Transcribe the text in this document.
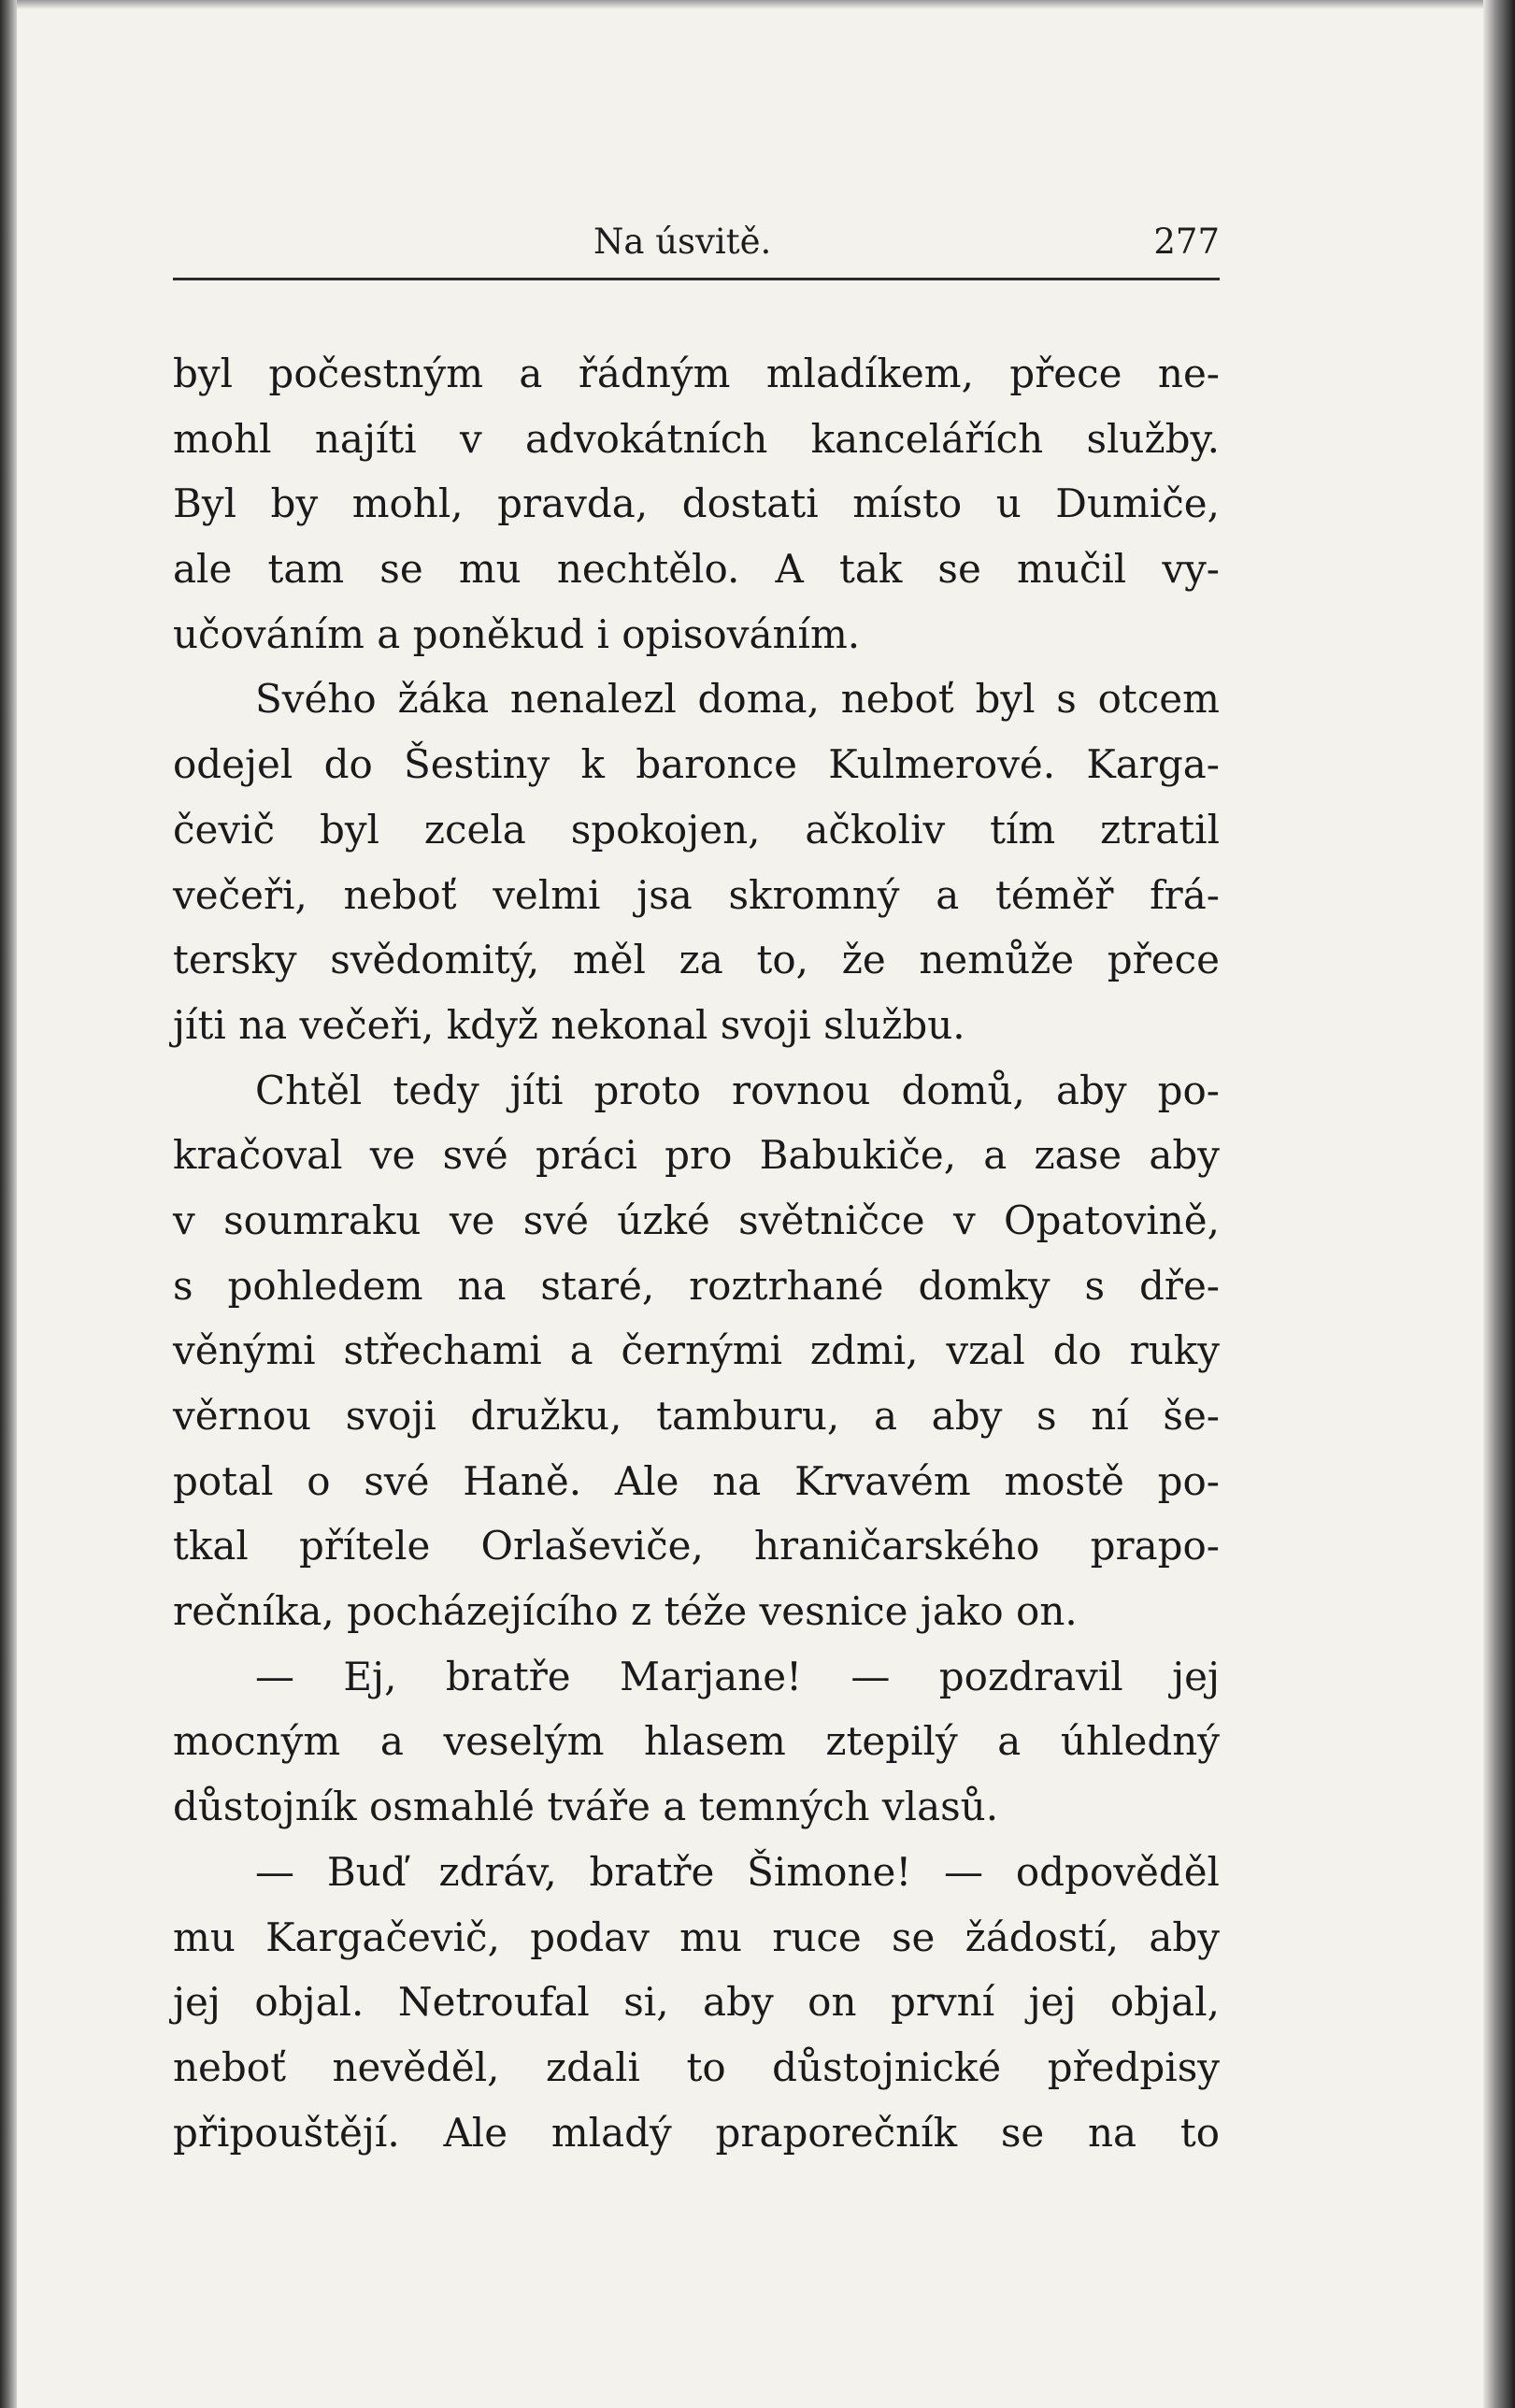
Na úsvitě.	277
byl počestným a řádným mladíkem, přece ne-
mohl najíti v advokátních kancelářích služby.
Byl by mohl, pravda, dostati místo u Dumiče,
ale tam se mu nechtělo. A tak se mučil vy-
učováním a poněkud i opisováním.
Svého žáka nenalezl doma, neboť byl s otcem
odejel do Šestiny k baronce Kulmerové. Karga-
čevič byl zcela spokojen, ačkoliv tím ztratil
večeři, neboť velmi jsa skromný a téměř frá-
tersky svědomitý, měl za to, že nemůže přece
jíti na večeři, když nekonal svoji službu.
Chtěl tedy jíti proto rovnou domů, aby po-
kračoval ve své práci pro Babukiče, a zase aby
v soumraku ve své úzké světničce v Opatovině,
s pohledem na staré, roztrhané domky s dře-
věnými střechami a černými zdmi, vzal do ruky
věrnou svoji družku, tamburu, a aby s ní še-
potal o své Haně. Ale na Krvavém mostě po-
tkal přítele Orlaševiče, hraničarského prapo-
rečníka, pocházejícího z téže vesnice jako on.
— Ej, bratře Marjane! — pozdravil jej
mocným a veselým hlasem ztepilý a úhledný
důstojník osmahlé tváře a temných vlasů.
— Buď zdráv, bratře Šimone! — odpověděl
mu Kargačevič, podav mu ruce se žádostí, aby
jej objal. Netroufal si, aby on první jej objal,
neboť nevěděl, zdali to důstojnické předpisy
připouštějí. Ale mladý praporečník se na to
